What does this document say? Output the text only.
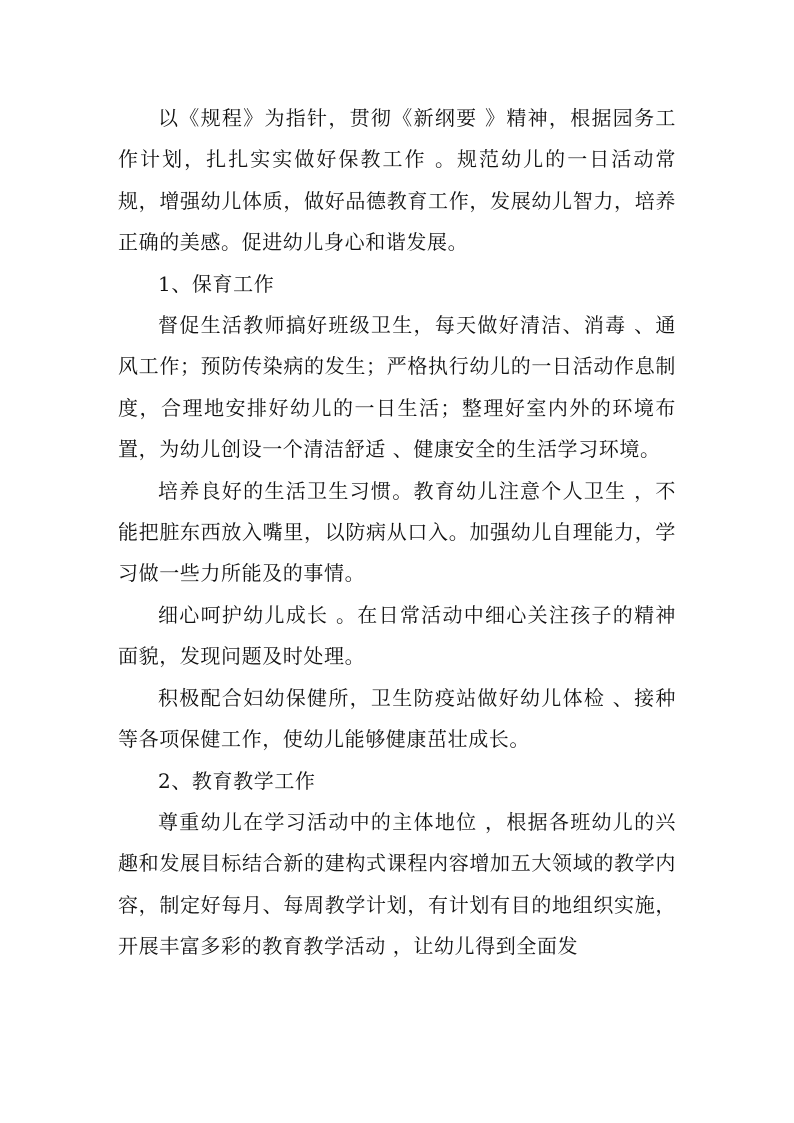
以《规程》为指针，贯彻《新纲要 》精神，根据园务工作计划，扎扎实实做好保教工作 。规范幼儿的一日活动常规，增强幼儿体质，做好品德教育工作，发展幼儿智力，培养正确的美感。促进幼儿身心和谐发展。

1、保育工作

督促生活教师搞好班级卫生，每天做好清洁、消毒 、通风工作；预防传染病的发生；严格执行幼儿的一日活动作息制度，合理地安排好幼儿的一日生活；整理好室内外的环境布置，为幼儿创设一个清洁舒适 、健康安全的生活学习环境。

培养良好的生活卫生习惯。教育幼儿注意个人卫生 ，不能把脏东西放入嘴里，以防病从口入。加强幼儿自理能力，学习做一些力所能及的事情。

细心呵护幼儿成长 。在日常活动中细心关注孩子的精神面貌，发现问题及时处理。

积极配合妇幼保健所，卫生防疫站做好幼儿体检 、接种等各项保健工作，使幼儿能够健康茁壮成长。

2、教育教学工作

尊重幼儿在学习活动中的主体地位 ，根据各班幼儿的兴趣和发展目标结合新的建构式课程内容增加五大领域的教学内容，制定好每月、每周教学计划，有计划有目的地组织实施，开展丰富多彩的教育教学活动 ，让幼儿得到全面发
